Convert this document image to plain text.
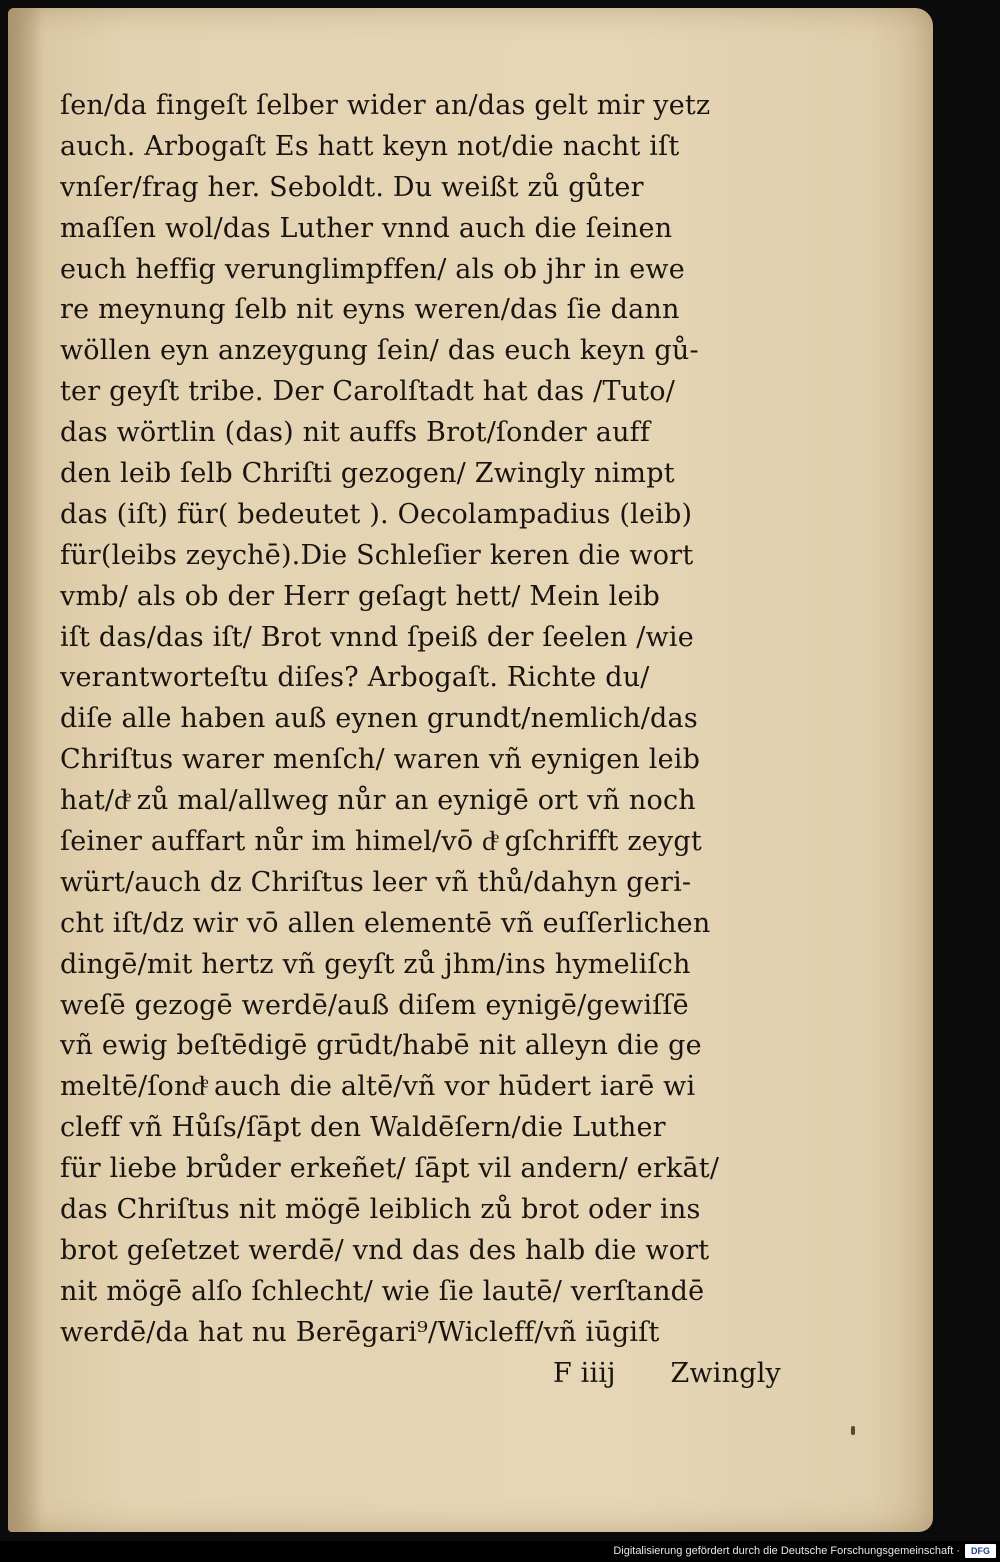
ſen/da fingeſt ſelber wider an/das gelt mir yetz
auch. Arbogaſt Es hatt keyn not/die nacht iſt
vnſer/frag her. Seboldt. Du weißt zů gůter
maſſen wol/das Luther vnnd auch die ſeinen
euch heffig verunglimpffen/ als ob jhr in ewe
re meynung ſelb nit eyns weren/das ſie dann
wöllen eyn anzeygung ſein/ das euch keyn gů-
ter geyſt tribe. Der Carolſtadt hat das /Tuto/
das wörtlin (das) nit auffs Brot/ſonder auff
den leib ſelb Chriſti gezogen/ Zwingly nimpt
das (iſt) für( bedeutet ). Oecolampadius (leib)
für(leibs zeychē).Die Schleſier keren die wort
vmb/ als ob der Herr geſagt hett/ Mein leib
iſt das/das iſt/ Brot vnnd ſpeiß der ſeelen /wie
verantworteſtu diſes? Arbogaſt. Richte du/
diſe alle haben auß eynen grundt/nemlich/das
Chriſtus warer menſch/ waren vñ eynigen leib
hat/dͤ zů mal/allweg nůr an eynigē ort vñ noch
ſeiner auffart nůr im himel/vō dͤ gſchrifft zeygt
würt/auch dz Chriſtus leer vñ thů/dahyn geri-
cht iſt/dz wir vō allen elementē vñ euſſerlichen
dingē/mit hertz vñ geyſt zů jhm/ins hymeliſch
weſē gezogē werdē/auß diſem eynigē/gewiſſē
vñ ewig beſtēdigē grūdt/habē nit alleyn die ge
meltē/ſondͤ auch die altē/vñ vor hūdert iarē wi
cleff vñ Hůſs/ſāpt den Waldēſern/die Luther
für liebe brůder erkeñet/ ſāpt vil andern/ erkāt/
das Chriſtus nit mögē leiblich zů brot oder ins
brot geſetzet werdē/ vnd das des halb die wort
nit mögē alſo ſchlecht/ wie ſie lautē/ verſtandē
werdē/da hat nu Berēgari⁹/Wicleff/vñ iūgiſt
F iiij Zwingly
Digitalisierung gefördert durch die Deutsche Forschungsgemeinschaft ·	DFG
